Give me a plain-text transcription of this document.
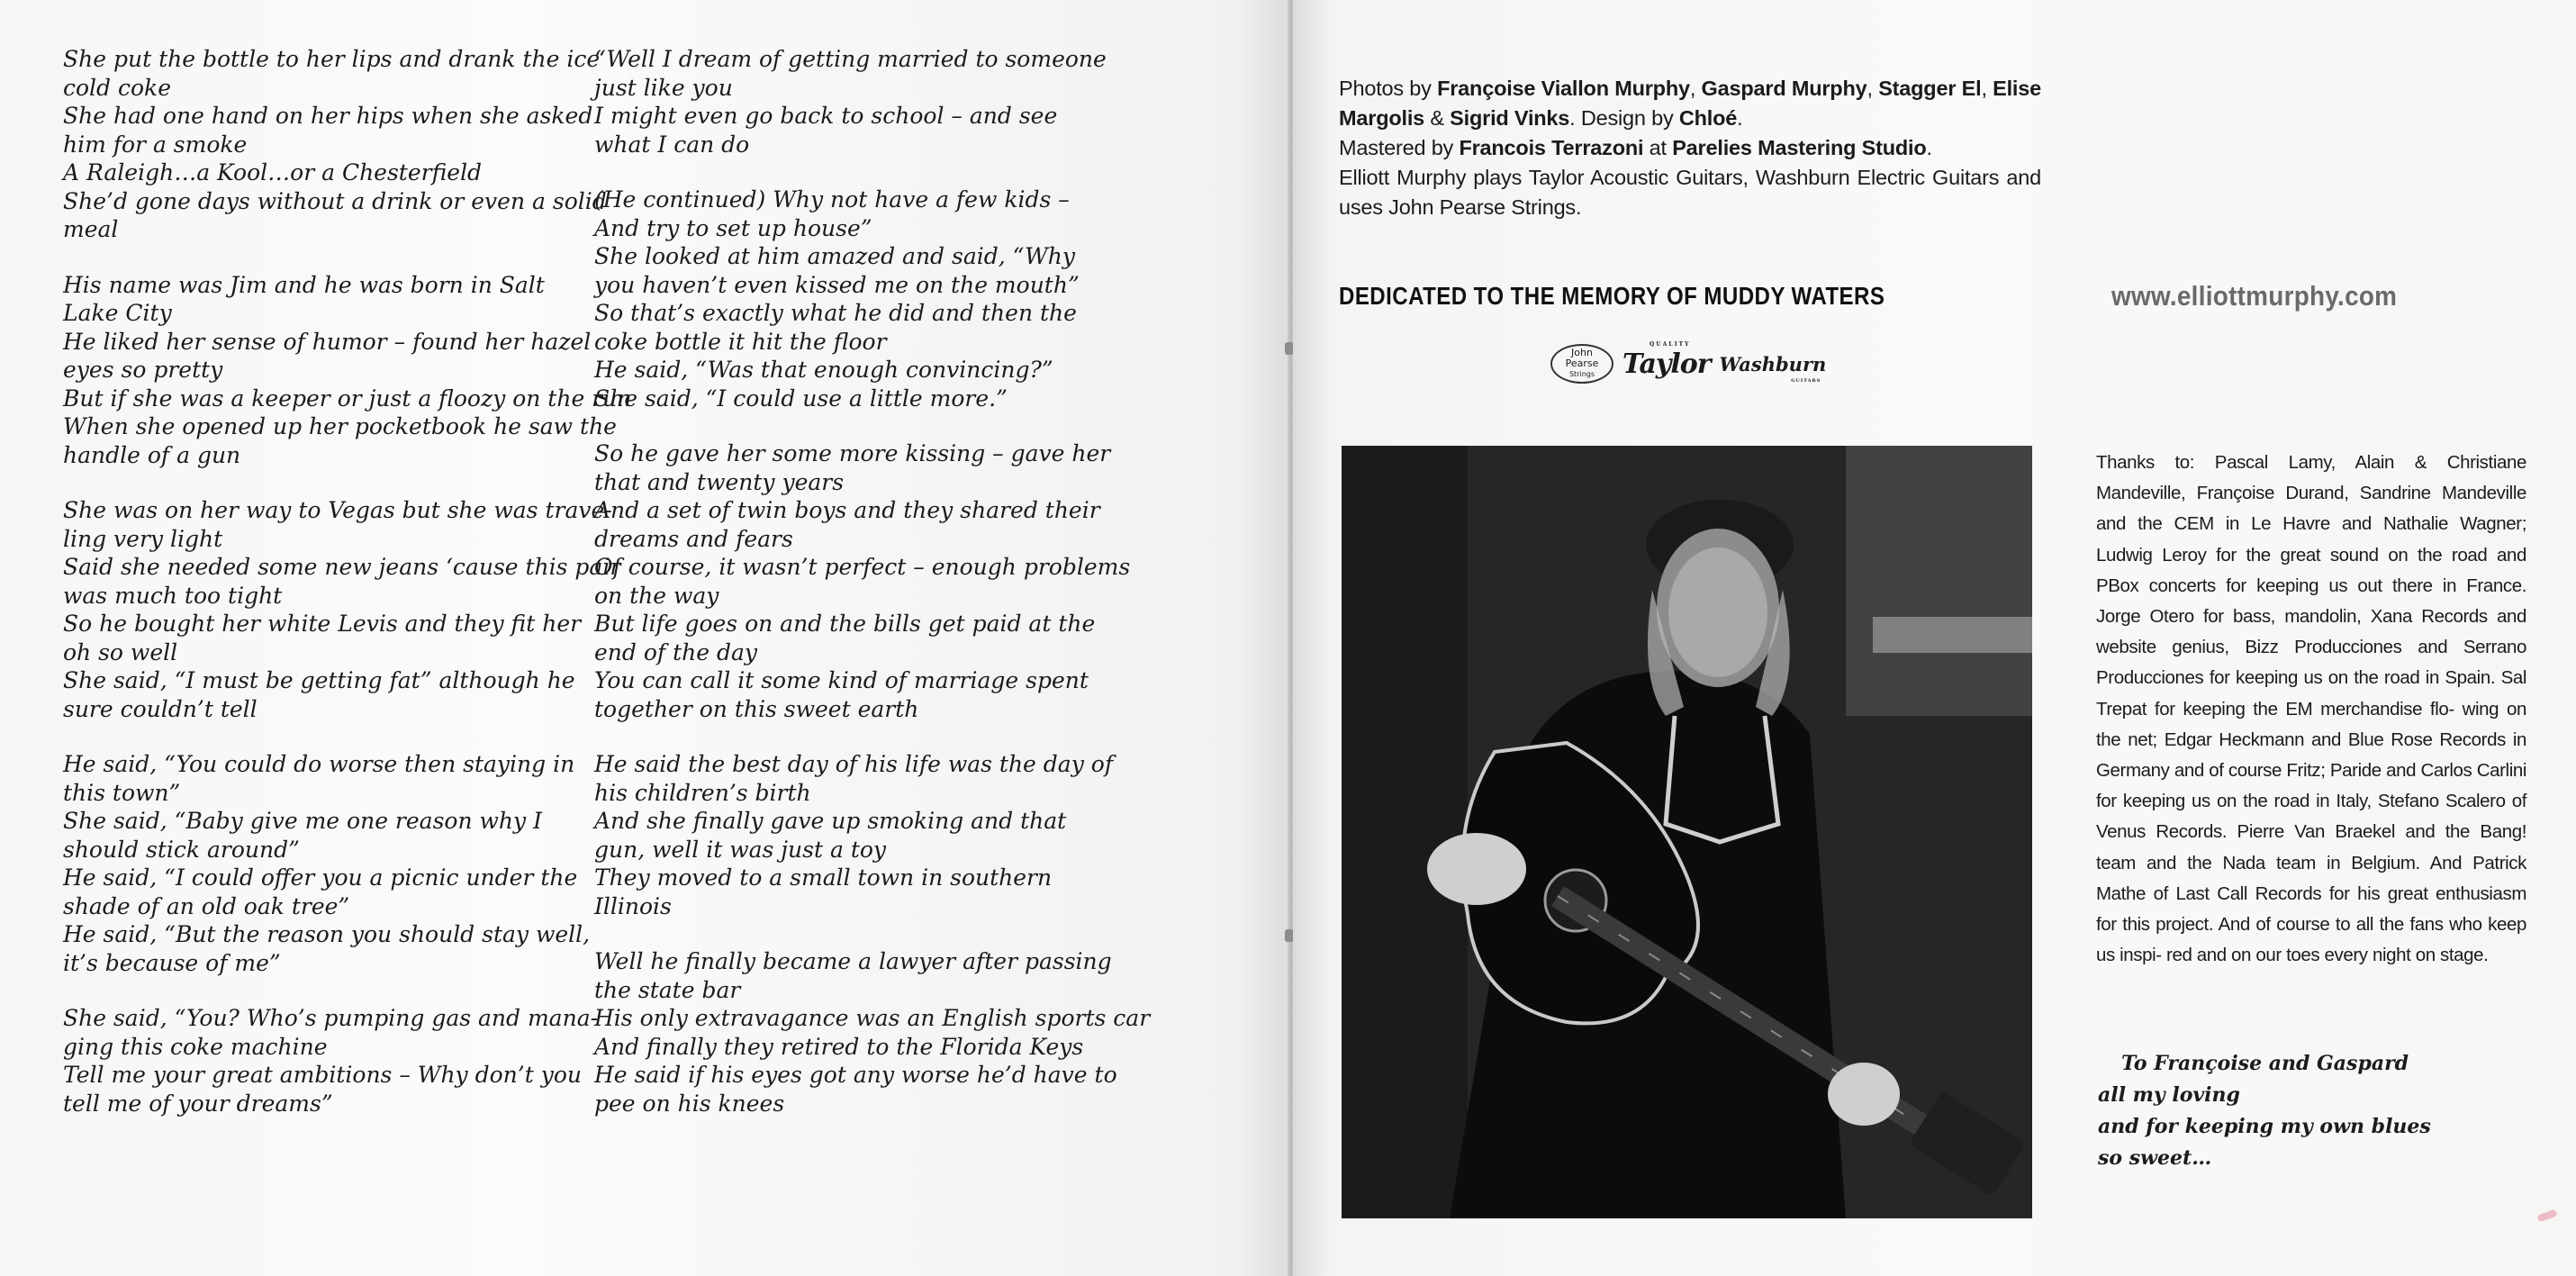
She put the bottle to her lips and drank the ice

cold coke

She had one hand on her hips when she asked

him for a smoke

A Raleigh…a Kool…or a Chesterfield

She’d gone days without a drink or even a solid

meal

His name was Jim and he was born in Salt

Lake City

He liked her sense of humor – found her hazel

eyes so pretty

But if she was a keeper or just a floozy on the run

When she opened up her pocketbook he saw the

handle of a gun

She was on her way to Vegas but she was trave-

ling very light

Said she needed some new jeans ‘cause this pair

was much too tight

So he bought her white Levis and they fit her

oh so well

She said, “I must be getting fat” although he

sure couldn’t tell

He said, “You could do worse then staying in

this town”

She said, “Baby give me one reason why I

should stick around”

He said, “I could offer you a picnic under the

shade of an old oak tree”

He said, “But the reason you should stay well,

it’s because of me”

She said, “You? Who’s pumping gas and mana-

ging this coke machine

Tell me your great ambitions – Why don’t you

tell me of your dreams”

“Well I dream of getting married to someone

just like you

I might even go back to school – and see

what I can do

(He continued) Why not have a few kids –

And try to set up house”

She looked at him amazed and said, “Why

you haven’t even kissed me on the mouth”

So that’s exactly what he did and then the

coke bottle it hit the floor

He said, “Was that enough convincing?”

She said, “I could use a little more.”

So he gave her some more kissing – gave her

that and twenty years

And a set of twin boys and they shared their

dreams and fears

Of course, it wasn’t perfect – enough problems

on the way

But life goes on and the bills get paid at the

end of the day

You can call it some kind of marriage spent

together on this sweet earth

He said the best day of his life was the day of

his children’s birth

And she finally gave up smoking and that

gun, well it was just a toy

They moved to a small town in southern

Illinois

Well he finally became a lawyer after passing

the state bar

His only extravagance was an English sports car

And finally they retired to the Florida Keys

He said if his eyes got any worse he’d have to

pee on his knees

Photos by Françoise Viallon Murphy, Gaspard Murphy, Stagger El, Elise Margolis & Sigrid Vinks. Design by Chloé.

Mastered by Francois Terrazoni at Parelies Mastering Studio.

Elliott Murphy plays Taylor Acoustic Guitars, Washburn Electric Guitars and uses John Pearse Strings.

DEDICATED TO THE MEMORY OF MUDDY WATERS	www.elliottmurphy.com
John
Pearse
Strings
Q U A L I T Y Taylor Washburn GUITARS

Thanks to: Pascal Lamy, Alain & Christiane Mandeville, Françoise Durand, Sandrine Mandeville and the CEM in Le Havre and Nathalie Wagner; Ludwig Leroy for the great sound on the road and PBox concerts for keeping us out there in France. Jorge Otero for bass, mandolin, Xana Records and website genius, Bizz Producciones and Serrano Producciones for keeping us on the road in Spain. Sal Trepat for keeping the EM merchandise flo- wing on the net; Edgar Heckmann and Blue Rose Records in Germany and of course Fritz; Paride and Carlos Carlini for keeping us on the road in Italy, Stefano Scalero of Venus Records. Pierre Van Braekel and the Bang! team and the Nada team in Belgium. And Patrick Mathe of Last Call Records for his great enthusiasm for this project. And of course to all the fans who keep us inspi- red and on our toes every night on stage.

To Françoise and Gaspard

all my loving

and for keeping my own blues

so sweet…
